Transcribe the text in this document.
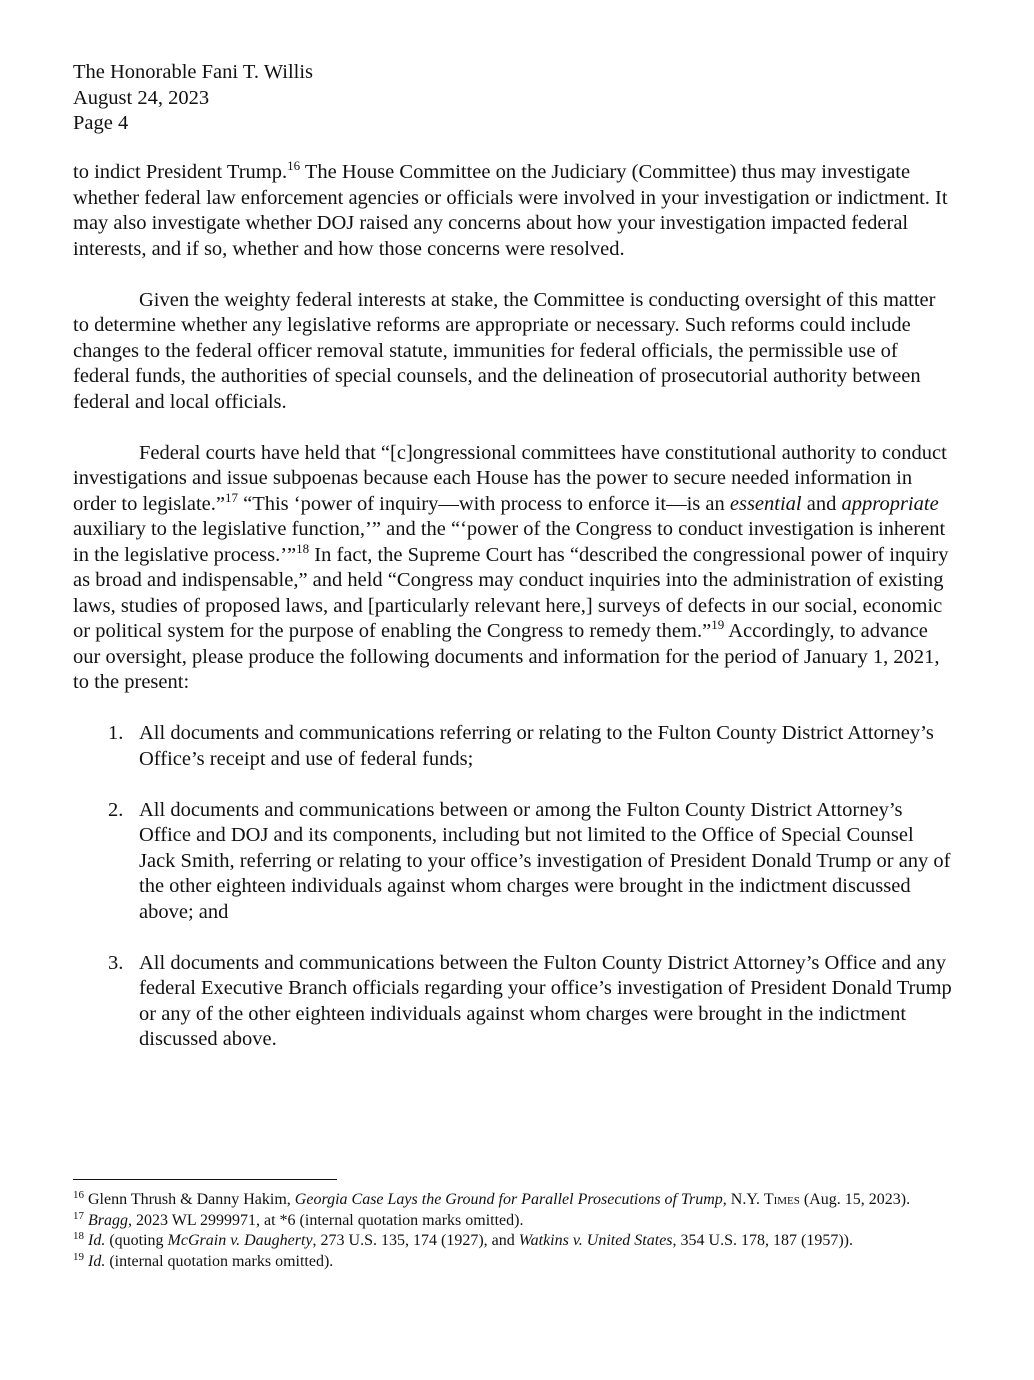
The Honorable Fani T. Willis
August 24, 2023
Page 4

to indict President Trump.$^{16}$ The House Committee on the Judiciary (Committee) thus may investigate whether federal law enforcement agencies or officials were involved in your investigation or indictment. It may also investigate whether DOJ raised any concerns about how your investigation impacted federal interests, and if so, whether and how those concerns were resolved.

Given the weighty federal interests at stake, the Committee is conducting oversight of this matter to determine whether any legislative reforms are appropriate or necessary. Such reforms could include changes to the federal officer removal statute, immunities for federal officials, the permissible use of federal funds, the authorities of special counsels, and the delineation of prosecutorial authority between federal and local officials.

Federal courts have held that “[c]ongressional committees have constitutional authority to conduct investigations and issue subpoenas because each House has the power to secure needed information in order to legislate.”$^{17}$ “This ‘power of inquiry—with process to enforce it—is an essential and appropriate auxiliary to the legislative function,’” and the “‘power of the Congress to conduct investigation is inherent in the legislative process.’”$^{18}$ In fact, the Supreme Court has “described the congressional power of inquiry as broad and indispensable,” and held “Congress may conduct inquiries into the administration of existing laws, studies of proposed laws, and [particularly relevant here,] surveys of defects in our social, economic or political system for the purpose of enabling the Congress to remedy them.”$^{19}$ Accordingly, to advance our oversight, please produce the following documents and information for the period of January 1, 2021, to the present:

1. All documents and communications referring or relating to the Fulton County District Attorney’s Office’s receipt and use of federal funds;
2. All documents and communications between or among the Fulton County District Attorney’s Office and DOJ and its components, including but not limited to the Office of Special Counsel Jack Smith, referring or relating to your office’s investigation of President Donald Trump or any of the other eighteen individuals against whom charges were brought in the indictment discussed above; and
3. All documents and communications between the Fulton County District Attorney’s Office and any federal Executive Branch officials regarding your office’s investigation of President Donald Trump or any of the other eighteen individuals against whom charges were brought in the indictment discussed above.

$^{16}$ Glenn Thrush & Danny Hakim, Georgia Case Lays the Ground for Parallel Prosecutions of Trump, N.Y. Times (Aug. 15, 2023).

$^{17}$ Bragg, 2023 WL 2999971, at *6 (internal quotation marks omitted).

$^{18}$ Id. (quoting McGrain v. Daugherty, 273 U.S. 135, 174 (1927), and Watkins v. United States, 354 U.S. 178, 187 (1957)).

$^{19}$ Id. (internal quotation marks omitted).
